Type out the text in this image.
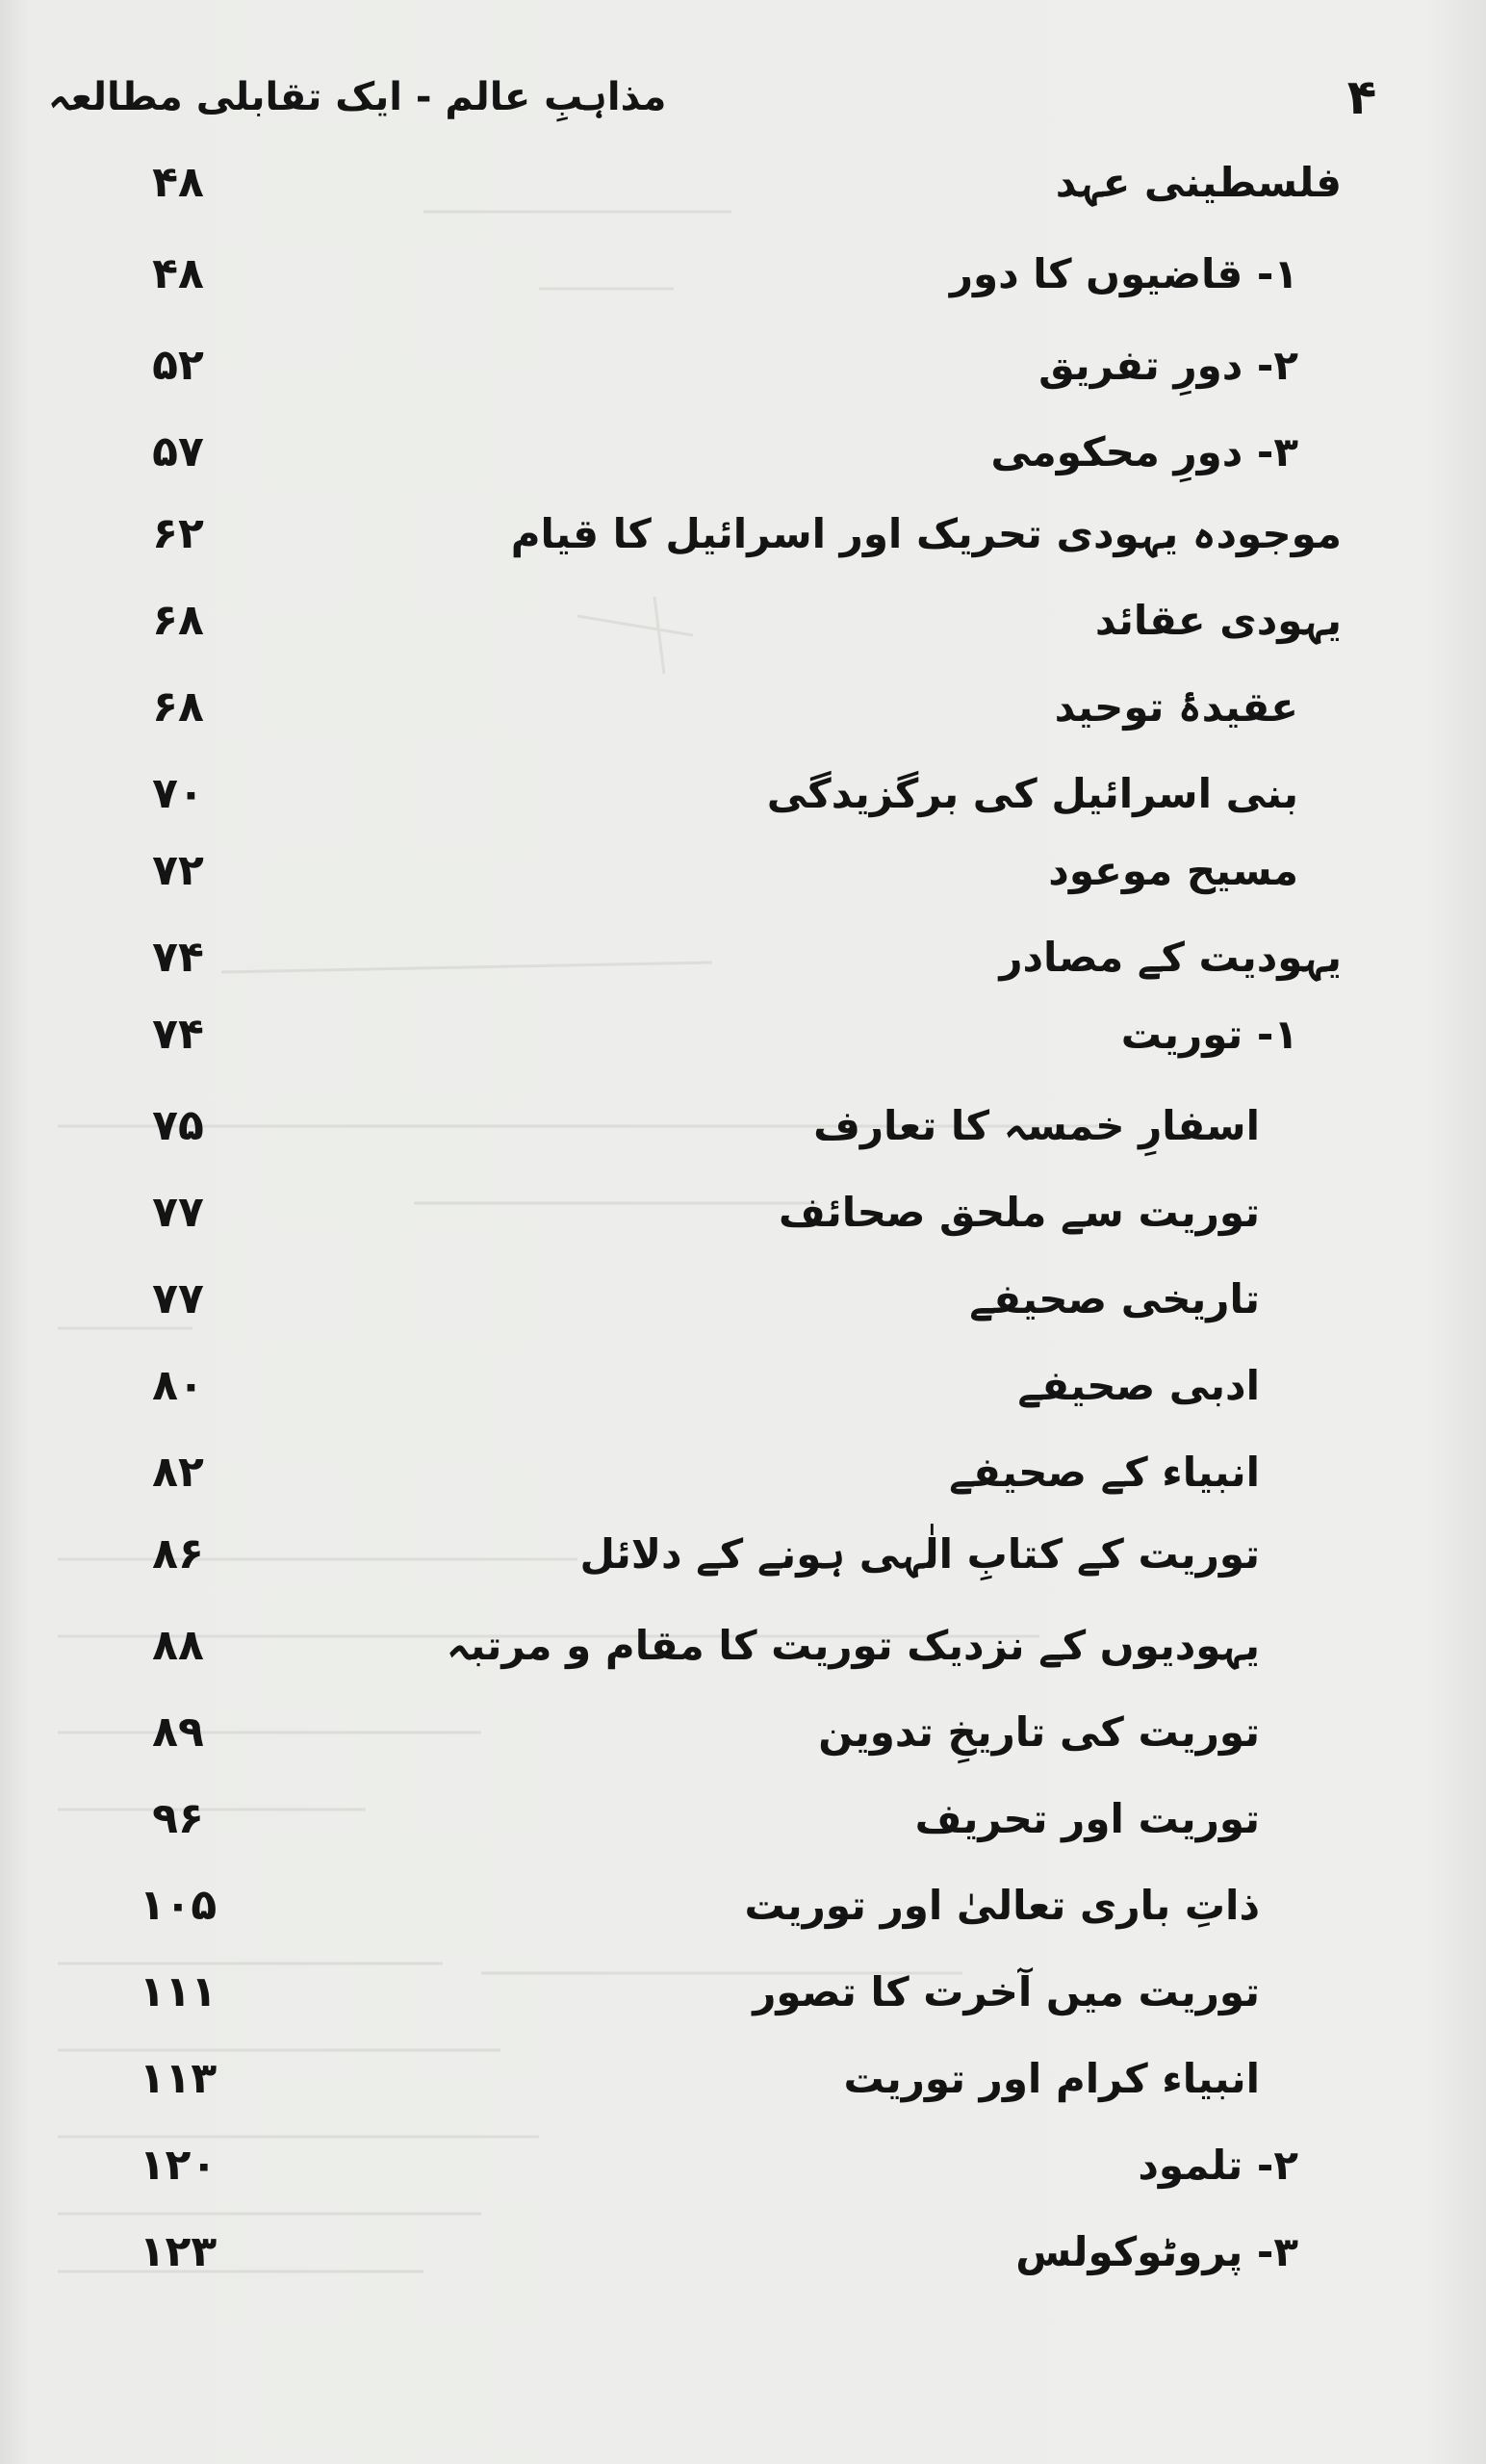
مذاہبِ عالم - ایک تقابلی مطالعہ	۴
فلسطینی عہد
۴۸
۱- قاضیوں کا دور
۴۸
۲- دورِ تفریق
۵۲
۳- دورِ محکومی
۵۷
موجودہ یہودی تحریک اور اسرائیل کا قیام
۶۲
یہودی عقائد
۶۸
عقیدۂ توحید
۶۸
بنی اسرائیل کی برگزیدگی
۷۰
مسیح موعود
۷۲
یہودیت کے مصادر
۷۴
۱- توریت
۷۴
اسفارِ خمسہ کا تعارف
۷۵
توریت سے ملحق صحائف
۷۷
تاریخی صحیفے
۷۷
ادبی صحیفے
۸۰
انبیاء کے صحیفے
۸۲
توریت کے کتابِ الٰہی ہونے کے دلائل
۸۶
یہودیوں کے نزدیک توریت کا مقام و مرتبہ
۸۸
توریت کی تاریخِ تدوین
۸۹
توریت اور تحریف
۹۶
ذاتِ باری تعالیٰ اور توریت
۱۰۵
توریت میں آخرت کا تصور
۱۱۱
انبیاء کرام اور توریت
۱۱۳
۲- تلمود
۱۲۰
۳- پروٹوکولس
۱۲۳
